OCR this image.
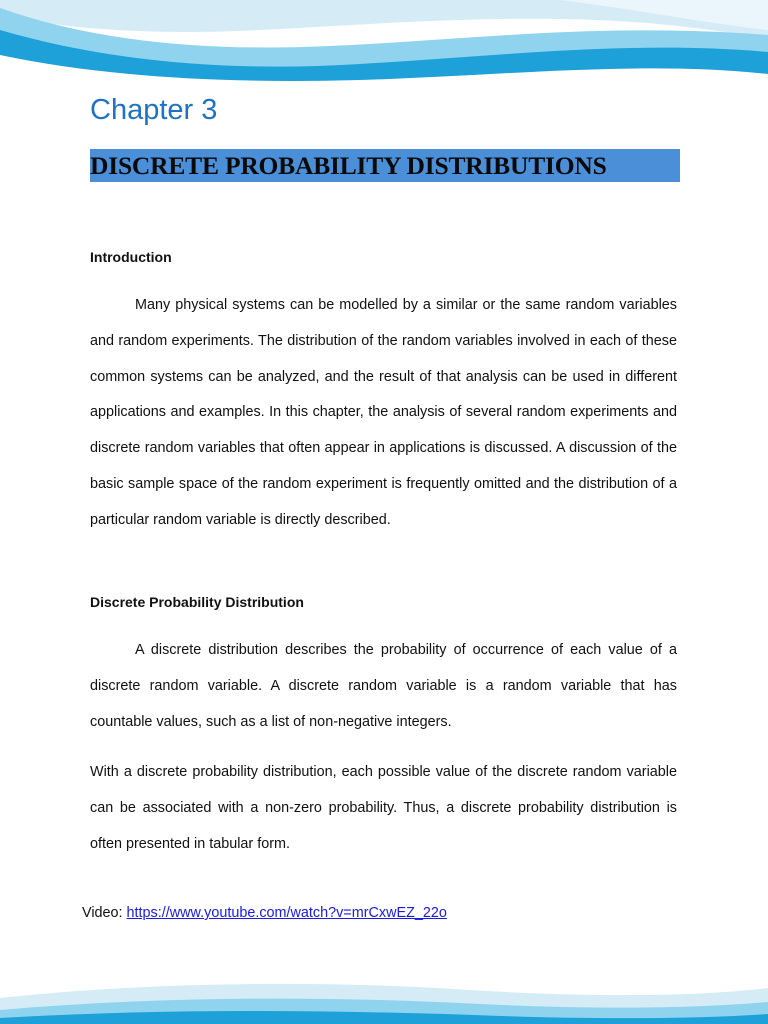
Chapter 3
DISCRETE PROBABILITY DISTRIBUTIONS
Introduction

Many physical systems can be modelled by a similar or the same random variables and random experiments. The distribution of the random variables involved in each of these common systems can be analyzed, and the result of that analysis can be used in different applications and examples. In this chapter, the analysis of several random experiments and discrete random variables that often appear in applications is discussed. A discussion of the basic sample space of the random experiment is frequently omitted and the distribution of a particular random variable is directly described.

Discrete Probability Distribution

A discrete distribution describes the probability of occurrence of each value of a discrete random variable. A discrete random variable is a random variable that has countable values, such as a list of non-negative integers.

With a discrete probability distribution, each possible value of the discrete random variable can be associated with a non-zero probability. Thus, a discrete probability distribution is often presented in tabular form.

Video: https://www.youtube.com/watch?v=mrCxwEZ_22o
